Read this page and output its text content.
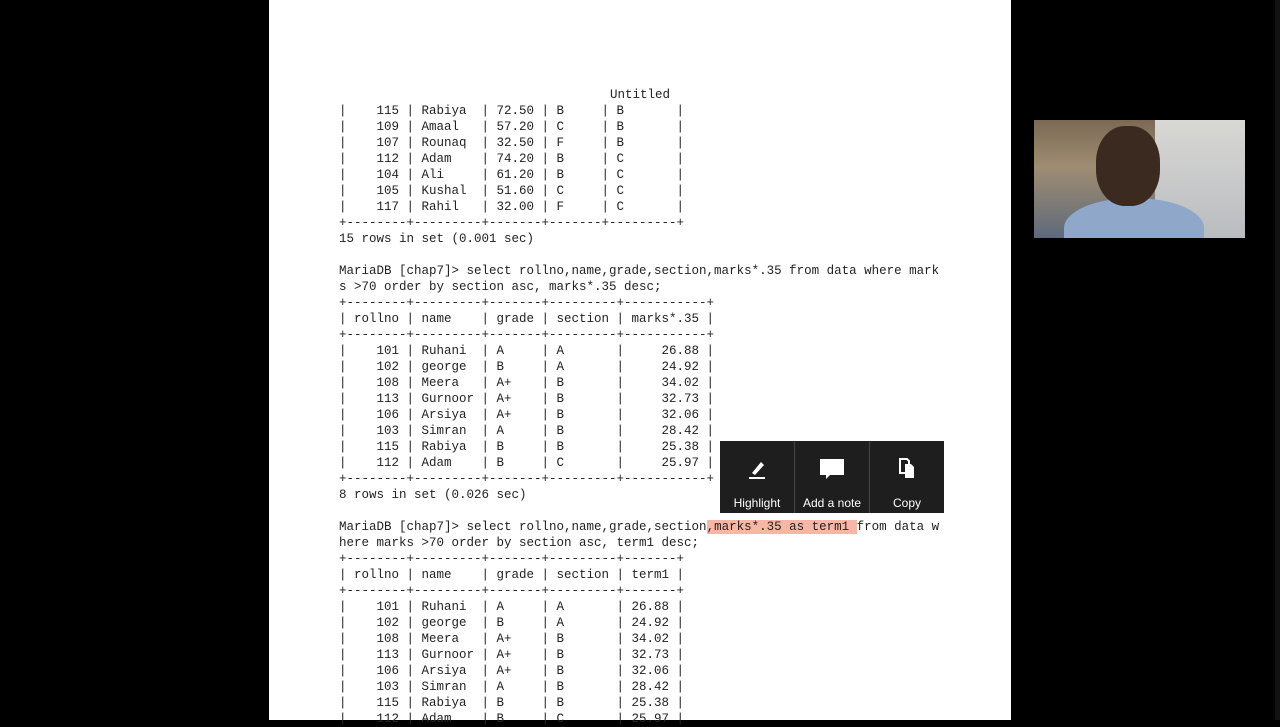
Untitled
|    115 | Rabiya  | 72.50 | B     | B       |
|    109 | Amaal   | 57.20 | C     | B       |
|    107 | Rounaq  | 32.50 | F     | B       |
|    112 | Adam    | 74.20 | B     | C       |
|    104 | Ali     | 61.20 | B     | C       |
|    105 | Kushal  | 51.60 | C     | C       |
|    117 | Rahil   | 32.00 | F     | C       |
+--------+---------+-------+-------+---------+
15 rows in set (0.001 sec)
MariaDB [chap7]> select rollno,name,grade,section,marks*.35 from data where mark
s >70 order by section asc, marks*.35 desc;
+--------+---------+-------+---------+-----------+
| rollno | name    | grade | section | marks*.35 |
+--------+---------+-------+---------+-----------+
|    101 | Ruhani  | A     | A       |     26.88 |
|    102 | george  | B     | A       |     24.92 |
|    108 | Meera   | A+    | B       |     34.02 |
|    113 | Gurnoor | A+    | B       |     32.73 |
|    106 | Arsiya  | A+    | B       |     32.06 |
|    103 | Simran  | A     | B       |     28.42 |
|    115 | Rabiya  | B     | B       |     25.38 |
|    112 | Adam    | B     | C       |     25.97 |
+--------+---------+-------+---------+-----------+
8 rows in set (0.026 sec)
MariaDB [chap7]> select rollno,name,grade,section,marks*.35 as term1 from data w
here marks >70 order by section asc, term1 desc;
+--------+---------+-------+---------+-------+
| rollno | name    | grade | section | term1 |
+--------+---------+-------+---------+-------+
|    101 | Ruhani  | A     | A       | 26.88 |
|    102 | george  | B     | A       | 24.92 |
|    108 | Meera   | A+    | B       | 34.02 |
|    113 | Gurnoor | A+    | B       | 32.73 |
|    106 | Arsiya  | A+    | B       | 32.06 |
|    103 | Simran  | A     | B       | 28.42 |
|    115 | Rabiya  | B     | B       | 25.38 |
|    112 | Adam    | B     | C       | 25.97 |
Highlight Add a note	Copy
